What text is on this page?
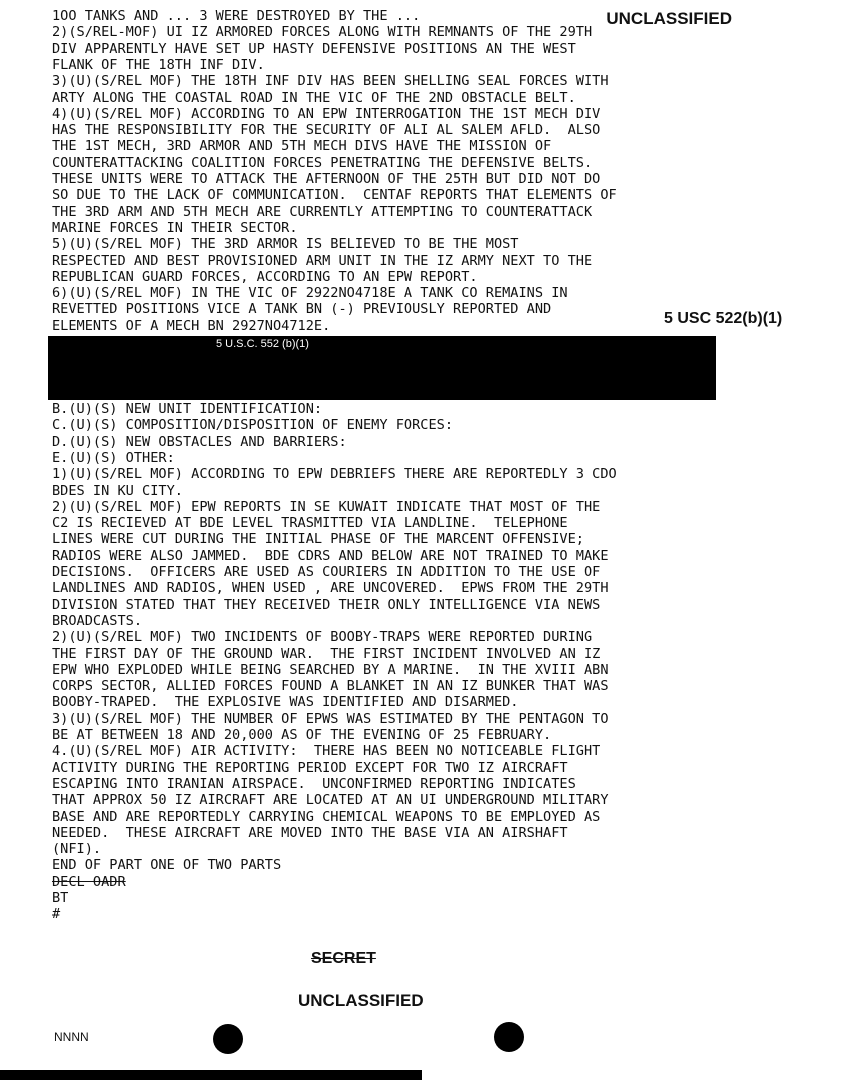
UNCLASSIFIED
1OO TANKS AND ... 3 WERE DESTROYED BY THE ...
2)(S/REL-MOF) UI IZ ARMORED FORCES ALONG WITH REMNANTS OF THE 29TH
DIV APPARENTLY HAVE SET UP HASTY DEFENSIVE POSITIONS AN THE WEST
FLANK OF THE 18TH INF DIV.
3)(U)(S/REL MOF) THE 18TH INF DIV HAS BEEN SHELLING SEAL FORCES WITH
ARTY ALONG THE COASTAL ROAD IN THE VIC OF THE 2ND OBSTACLE BELT.
4)(U)(S/REL MOF) ACCORDING TO AN EPW INTERROGATION THE 1ST MECH DIV
HAS THE RESPONSIBILITY FOR THE SECURITY OF ALI AL SALEM AFLD.  ALSO
THE 1ST MECH, 3RD ARMOR AND 5TH MECH DIVS HAVE THE MISSION OF
COUNTERATTACKING COALITION FORCES PENETRATING THE DEFENSIVE BELTS.
THESE UNITS WERE TO ATTACK THE AFTERNOON OF THE 25TH BUT DID NOT DO
SO DUE TO THE LACK OF COMMUNICATION.  CENTAF REPORTS THAT ELEMENTS OF
THE 3RD ARM AND 5TH MECH ARE CURRENTLY ATTEMPTING TO COUNTERATTACK
MARINE FORCES IN THEIR SECTOR.
5)(U)(S/REL MOF) THE 3RD ARMOR IS BELIEVED TO BE THE MOST
RESPECTED AND BEST PROVISIONED ARM UNIT IN THE IZ ARMY NEXT TO THE
REPUBLICAN GUARD FORCES, ACCORDING TO AN EPW REPORT.
6)(U)(S/REL MOF) IN THE VIC OF 2922NO4718E A TANK CO REMAINS IN
REVETTED POSITIONS VICE A TANK BN (-) PREVIOUSLY REPORTED AND
ELEMENTS OF A MECH BN 2927NO4712E.	5 USC 522(b)(1)
5 U.S.C. 552 (b)(1)
B.(U)(S) NEW UNIT IDENTIFICATION:
C.(U)(S) COMPOSITION/DISPOSITION OF ENEMY FORCES:
D.(U)(S) NEW OBSTACLES AND BARRIERS:
E.(U)(S) OTHER:
1)(U)(S/REL MOF) ACCORDING TO EPW DEBRIEFS THERE ARE REPORTEDLY 3 CDO
BDES IN KU CITY.
2)(U)(S/REL MOF) EPW REPORTS IN SE KUWAIT INDICATE THAT MOST OF THE
C2 IS RECIEVED AT BDE LEVEL TRASMITTED VIA LANDLINE.  TELEPHONE
LINES WERE CUT DURING THE INITIAL PHASE OF THE MARCENT OFFENSIVE;
RADIOS WERE ALSO JAMMED.  BDE CDRS AND BELOW ARE NOT TRAINED TO MAKE
DECISIONS.  OFFICERS ARE USED AS COURIERS IN ADDITION TO THE USE OF
LANDLINES AND RADIOS, WHEN USED , ARE UNCOVERED.  EPWS FROM THE 29TH
DIVISION STATED THAT THEY RECEIVED THEIR ONLY INTELLIGENCE VIA NEWS
BROADCASTS.
2)(U)(S/REL MOF) TWO INCIDENTS OF BOOBY-TRAPS WERE REPORTED DURING
THE FIRST DAY OF THE GROUND WAR.  THE FIRST INCIDENT INVOLVED AN IZ
EPW WHO EXPLODED WHILE BEING SEARCHED BY A MARINE.  IN THE XVIII ABN
CORPS SECTOR, ALLIED FORCES FOUND A BLANKET IN AN IZ BUNKER THAT WAS
BOOBY-TRAPED.  THE EXPLOSIVE WAS IDENTIFIED AND DISARMED.
3)(U)(S/REL MOF) THE NUMBER OF EPWS WAS ESTIMATED BY THE PENTAGON TO
BE AT BETWEEN 18 AND 20,000 AS OF THE EVENING OF 25 FEBRUARY.
4.(U)(S/REL MOF) AIR ACTIVITY:  THERE HAS BEEN NO NOTICEABLE FLIGHT
ACTIVITY DURING THE REPORTING PERIOD EXCEPT FOR TWO IZ AIRCRAFT
ESCAPING INTO IRANIAN AIRSPACE.  UNCONFIRMED REPORTING INDICATES
THAT APPROX 50 IZ AIRCRAFT ARE LOCATED AT AN UI UNDERGROUND MILITARY
BASE AND ARE REPORTEDLY CARRYING CHEMICAL WEAPONS TO BE EMPLOYED AS
NEEDED.  THESE AIRCRAFT ARE MOVED INTO THE BASE VIA AN AIRSHAFT
(NFI).
END OF PART ONE OF TWO PARTS
DECL OADR
BT
#
SECRET
UNCLASSIFIED
NNNN
